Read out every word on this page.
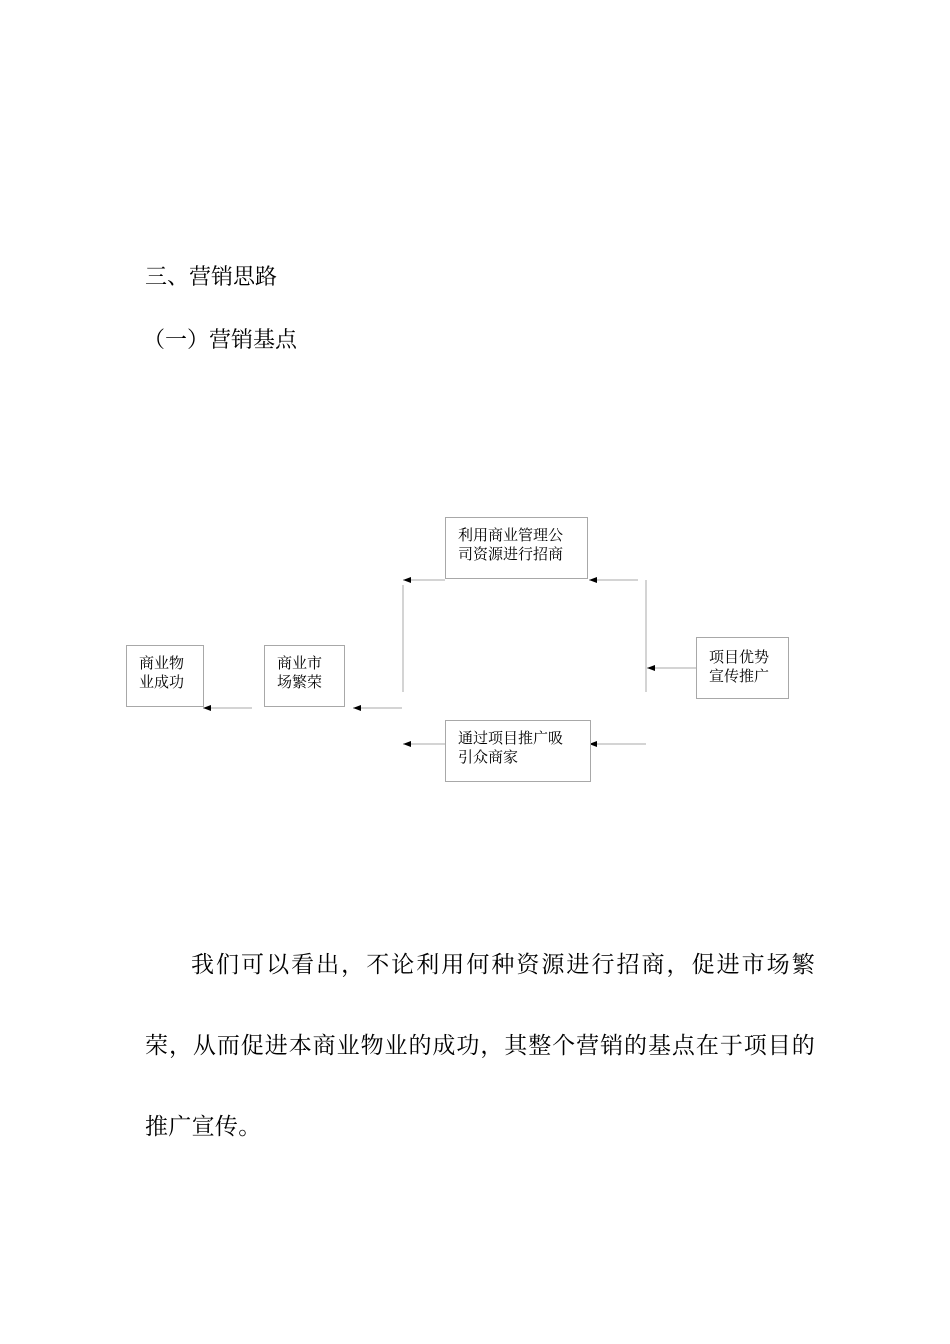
三、营销思路
（一）营销基点
商业物
业成功
商业市
场繁荣
利用商业管理公
司资源进行招商
通过项目推广吸
引众商家
项目优势
宣传推广

我们可以看出，不论利用何种资源进行招商，促进市场繁荣，从而促进本商业物业的成功，其整个营销的基点在于项目的推广宣传。
